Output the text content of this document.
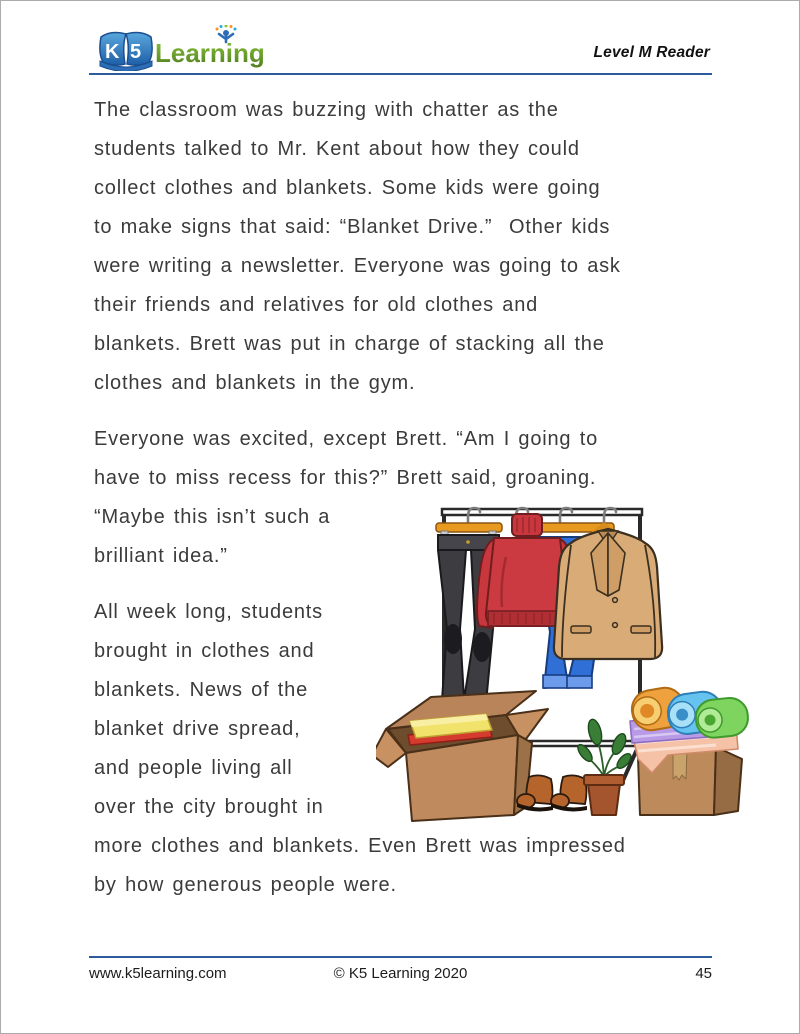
K 5 Learning	Level M Reader
The classroom was buzzing with chatter as the
students talked to Mr. Kent about how they could
collect clothes and blankets. Some kids were going
to make signs that said: “Blanket Drive.”  Other kids
were writing a newsletter. Everyone was going to ask
their friends and relatives for old clothes and
blankets. Brett was put in charge of stacking all the
clothes and blankets in the gym.
Everyone was excited, except Brett. “Am I going to
have to miss recess for this?” Brett said, groaning.
“Maybe this isn’t such a
brilliant idea.”
All week long, students
brought in clothes and
blankets. News of the
blanket drive spread,
and people living all
over the city brought in
more clothes and blankets. Even Brett was impressed
by how generous people were.
www.k5learning.com	© K5 Learning 2020	45
